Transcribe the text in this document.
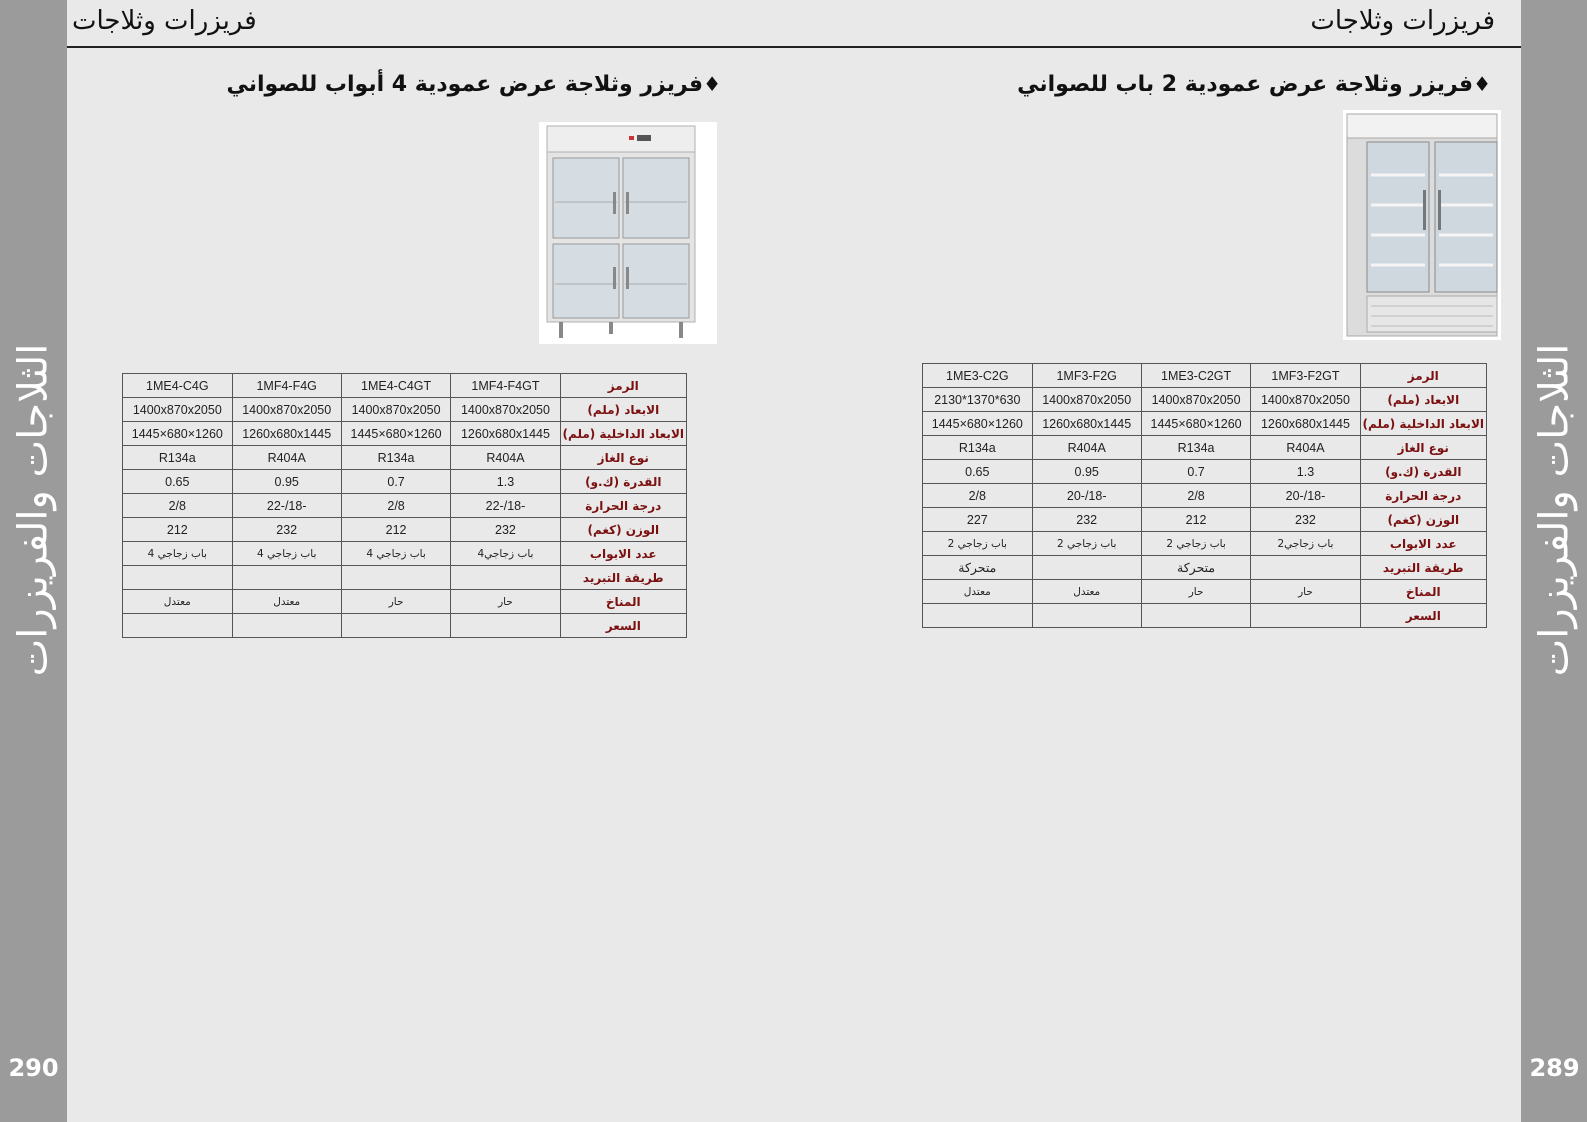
الثلاجات والفريزرات
290
الثلاجات والفريزرات
289
فريزرات وثلاجات	فريزرات وثلاجات
♦فريزر وثلاجة عرض عمودية 4 أبواب للصواني
الرمز	1MF4-F4GT	1ME4-C4GT	1MF4-F4G	1ME4-C4G
الابعاد (ملم)	1400x870x2050	1400x870x2050	1400x870x2050	1400x870x2050
الابعاد الداخلية (ملم)	1260x680x1445	1260×680×1445	1260x680x1445	1260×680×1445
نوع الغاز	R404A	R134a	R404A	R134a
القدرة (ك.و)	1.3	0.7	0.95	0.65
درجة الحرارة	-18/-22	2/8	-18/-22	2/8
الوزن (كغم)	232	212	232	212
عدد الابواب	باب زجاجي4	باب زجاجي 4	باب زجاجي 4	باب زجاجي 4
طريقة التبريد				
المناخ	حار	حار	معتدل	معتدل
السعر				
♦فريزر وثلاجة عرض عمودية 2 باب للصواني
الرمز	1MF3-F2GT	1ME3-C2GT	1MF3-F2G	1ME3-C2G
الابعاد (ملم)	1400x870x2050	1400x870x2050	1400x870x2050	630*1370*2130
الابعاد الداخلية (ملم)	1260x680x1445	1260×680×1445	1260x680x1445	1260×680×1445
نوع الغاز	R404A	R134a	R404A	R134a
القدرة (ك.و)	1.3	0.7	0.95	0.65
درجة الحرارة	-18/-20	2/8	-18/-20	2/8
الوزن (كغم)	232	212	232	227
عدد الابواب	باب زجاجي2	باب زجاجي 2	باب زجاجي 2	باب زجاجي 2
طريقة التبريد		متحركة		متحركة
المناخ	حار	حار	معتدل	معتدل
السعر				
